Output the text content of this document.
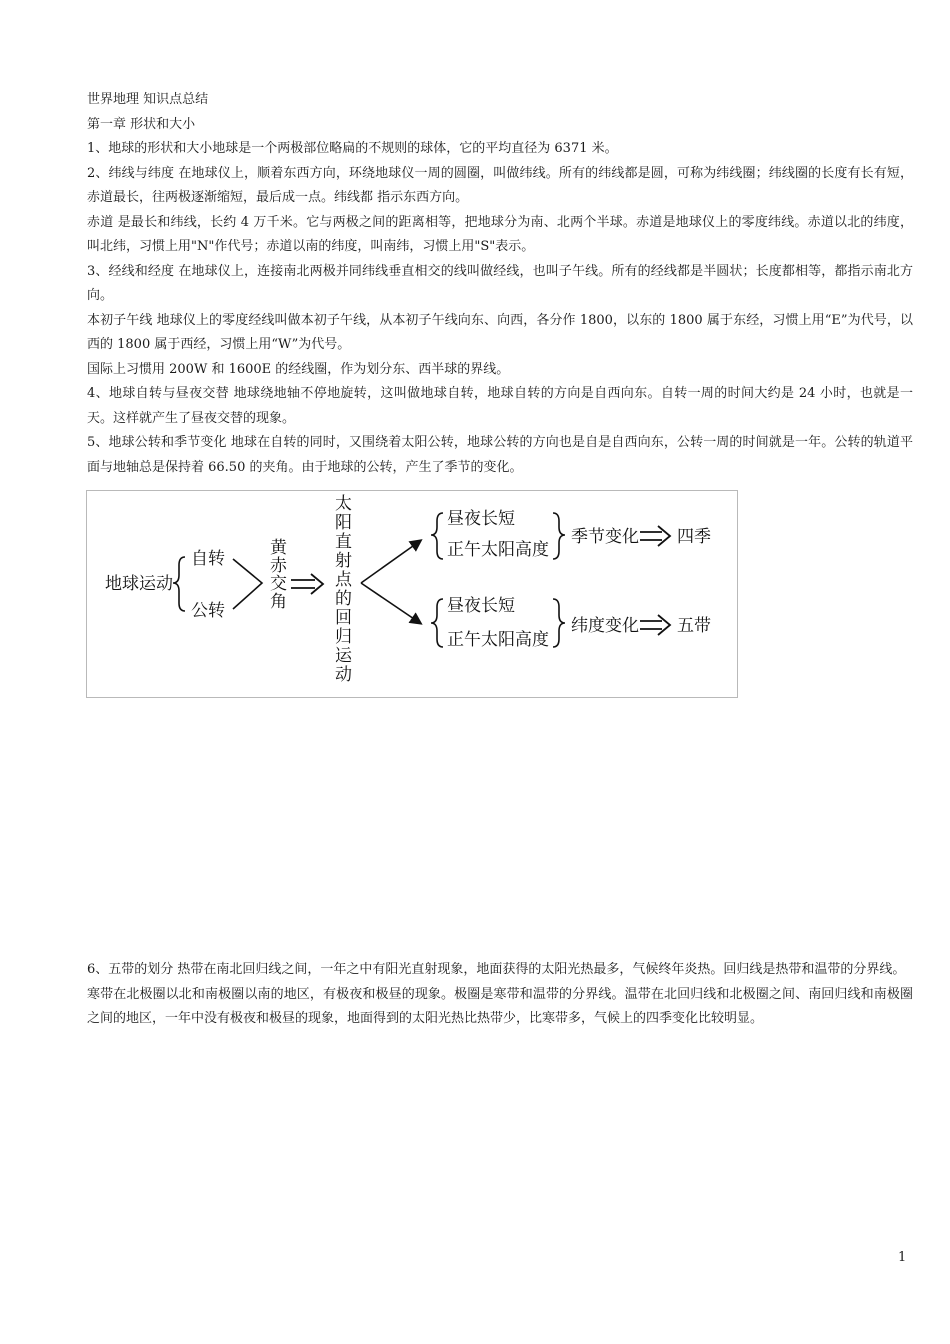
世界地理 知识点总结

第一章 形状和大小

1、地球的形状和大小地球是一个两极部位略扁的不规则的球体，它的平均直径为 6371 米。

2、纬线与纬度 在地球仪上，顺着东西方向，环绕地球仪一周的圆圈，叫做纬线。所有的纬线都是圆，可称为纬线圈；纬线圈的长度有长有短，赤道最长，往两极逐渐缩短，最后成一点。纬线都 指示东西方向。

赤道 是最长和纬线，长约 4 万千米。它与两极之间的距离相等，把地球分为南、北两个半球。赤道是地球仪上的零度纬线。赤道以北的纬度，叫北纬，习惯上用"N"作代号；赤道以南的纬度，叫南纬，习惯上用"S"表示。

3、经线和经度 在地球仪上，连接南北两极并同纬线垂直相交的线叫做经线，也叫子午线。所有的经线都是半圆状；长度都相等，都指示南北方向。

本初子午线 地球仪上的零度经线叫做本初子午线，从本初子午线向东、向西，各分作 1800，以东的 1800 属于东经，习惯上用“E”为代号，以西的 1800 属于西经，习惯上用“W”为代号。

国际上习惯用 200W 和 1600E 的经线圈，作为划分东、西半球的界线。

4、地球自转与昼夜交替 地球绕地轴不停地旋转，这叫做地球自转，地球自转的方向是自西向东。自转一周的时间大约是 24 小时，也就是一天。这样就产生了昼夜交替的现象。

5、地球公转和季节变化 地球在自转的同时，又围绕着太阳公转，地球公转的方向也是自是自西向东，公转一周的时间就是一年。公转的轨道平面与地轴总是保持着 66.50 的夹角。由于地球的公转，产生了季节的变化。

地球运动
自转
公转
黄 赤 交 角
太 阳 直 射 点 的 回 归 运 动
昼夜长短
正午太阳高度
季节变化 四季
昼夜长短
正午太阳高度
纬度变化 五带

6、五带的划分 热带在南北回归线之间，一年之中有阳光直射现象，地面获得的太阳光热最多，气候终年炎热。回归线是热带和温带的分界线。

寒带在北极圈以北和南极圈以南的地区，有极夜和极昼的现象。极圈是寒带和温带的分界线。温带在北回归线和北极圈之间、南回归线和南极圈之间的地区，一年中没有极夜和极昼的现象，地面得到的太阳光热比热带少，比寒带多，气候上的四季变化比较明显。

1
